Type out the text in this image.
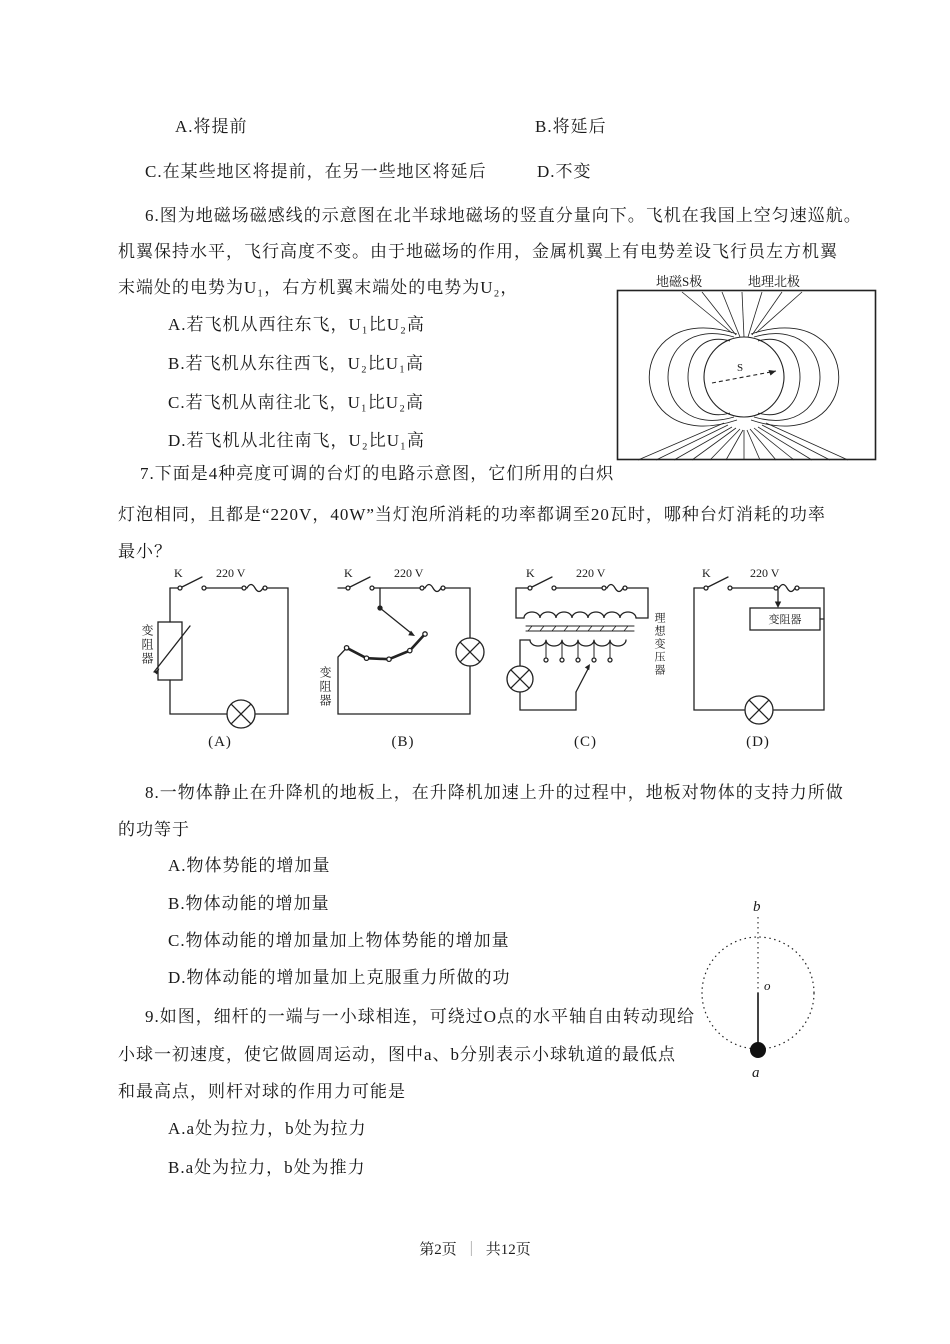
A.将提前	B.将延后
C.在某些地区将提前，在另一些地区将延后	D.不变
6.图为地磁场磁感线的示意图在北半球地磁场的竖直分量向下。飞机在我国上空匀速巡航。
机翼保持水平，飞行高度不变。由于地磁场的作用，金属机翼上有电势差设飞行员左方机翼
末端处的电势为U₁，右方机翼末端处的电势为U₂，
A.若飞机从西往东飞，U₁比U₂高
B.若飞机从东往西飞，U₂比U₁高
C.若飞机从南往北飞，U₁比U₂高
D.若飞机从北往南飞，U₂比U₁高
地磁S极	地理北极
S
7.下面是4种亮度可调的台灯的电路示意图，它们所用的白炽
灯泡相同，且都是“220V，40W”当灯泡所消耗的功率都调至20瓦时，哪种台灯消耗的功率
最小？
K	220 V
变阻器
(A)
K	220 V
变阻器
(B)
K	220 V
理想变压器
(C)
K	220 V
变阻器
(D)
8.一物体静止在升降机的地板上，在升降机加速上升的过程中，地板对物体的支持力所做
的功等于
A.物体势能的增加量
B.物体动能的增加量
C.物体动能的增加量加上物体势能的增加量
D.物体动能的增加量加上克服重力所做的功
b
o
a
9.如图，细杆的一端与一小球相连，可绕过O点的水平轴自由转动现给
小球一初速度，使它做圆周运动，图中a、b分别表示小球轨道的最低点
和最高点，则杆对球的作用力可能是
A.a处为拉力，b处为拉力
B.a处为拉力，b处为推力
第2页 ｜ 共12页
